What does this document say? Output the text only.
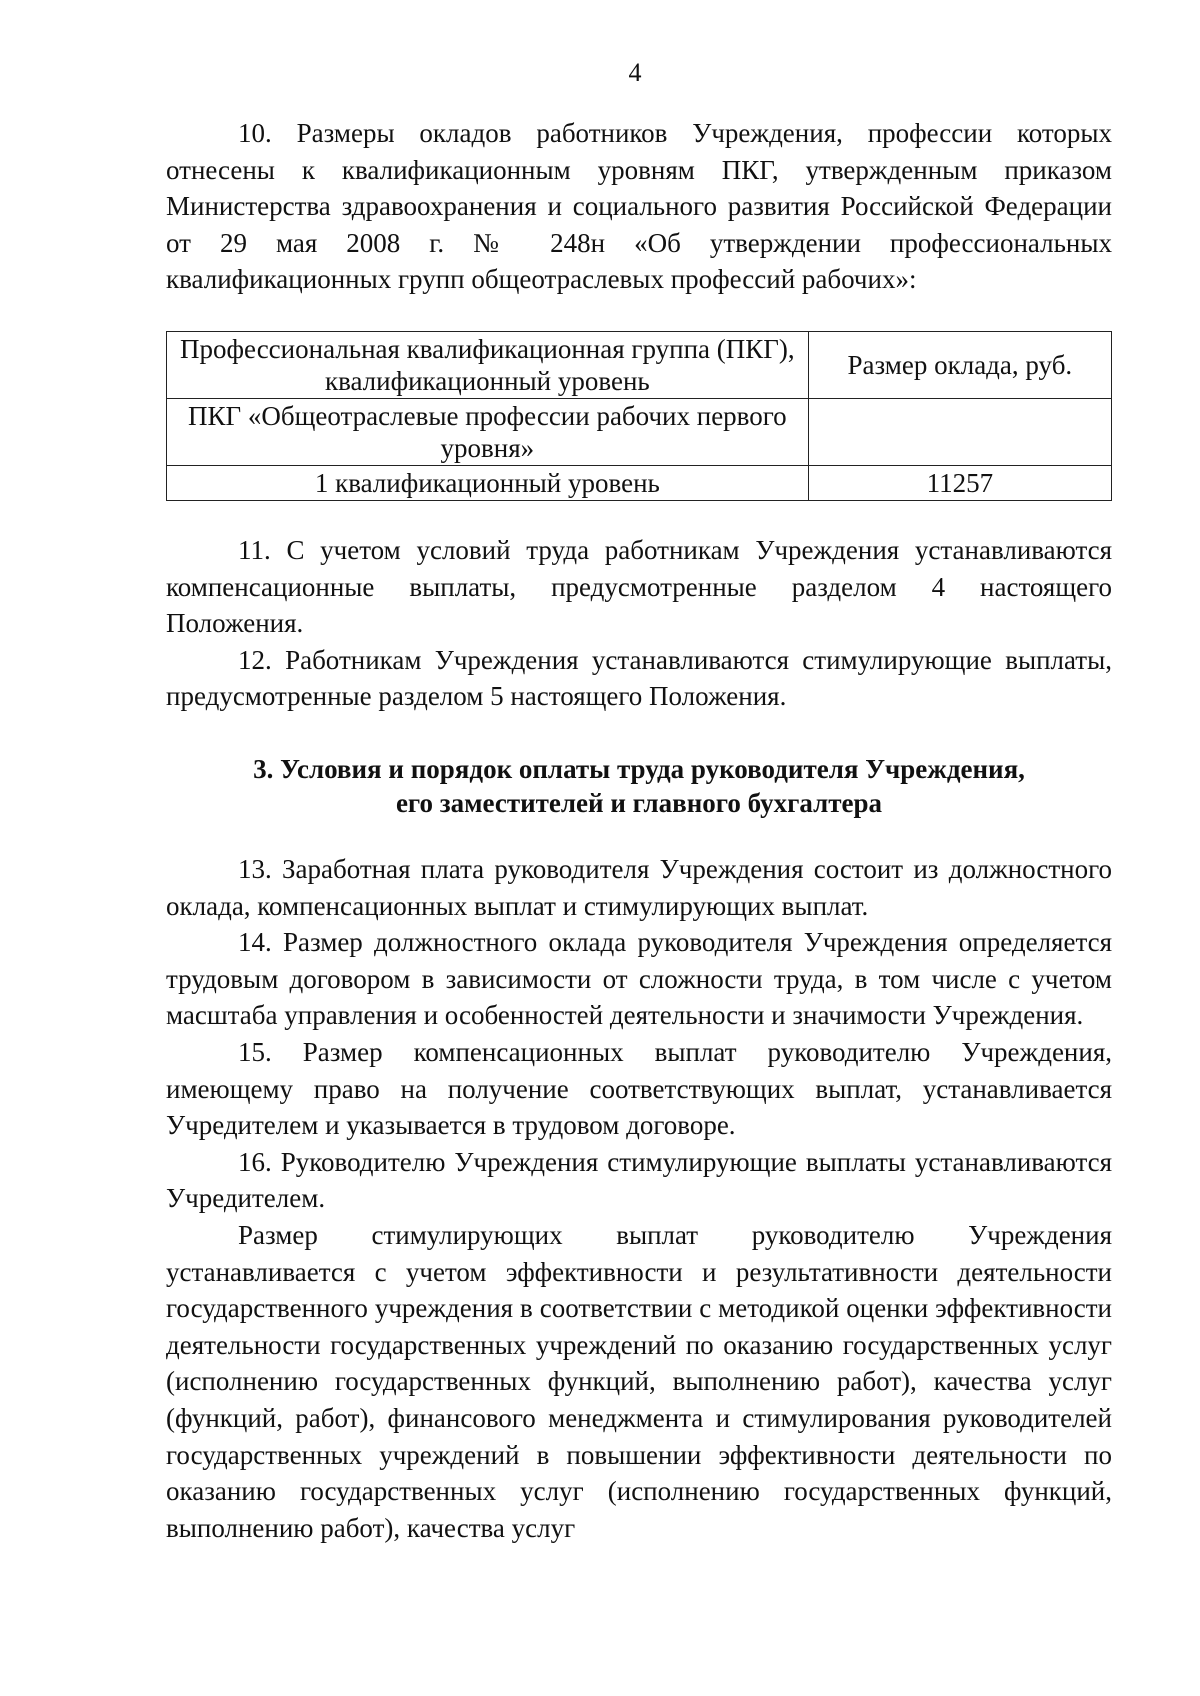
4

10. Размеры окладов работников Учреждения, профессии которых отнесены к квалификационным уровням ПКГ, утвержденным приказом Министерства здравоохранения и социального развития Российской Федерации от 29 мая 2008 г. № 248н «Об утверждении профессиональных квалификационных групп общеотраслевых профессий рабочих»:

Профессиональная квалификационная группа (ПКГ), квалификационный уровень	Размер оклада, руб.
ПКГ «Общеотраслевые профессии рабочих первого уровня»	
1 квалификационный уровень	11257

11. С учетом условий труда работникам Учреждения устанавливаются компенсационные выплаты, предусмотренные разделом 4 настоящего Положения.

12. Работникам Учреждения устанавливаются стимулирующие выплаты, предусмотренные разделом 5 настоящего Положения.

3. Условия и порядок оплаты труда руководителя Учреждения,
его заместителей и главного бухгалтера

13. Заработная плата руководителя Учреждения состоит из должностного оклада, компенсационных выплат и стимулирующих выплат.

14. Размер должностного оклада руководителя Учреждения определяется трудовым договором в зависимости от сложности труда, в том числе с учетом масштаба управления и особенностей деятельности и значимости Учреждения.

15. Размер компенсационных выплат руководителю Учреждения, имеющему право на получение соответствующих выплат, устанавливается Учредителем и указывается в трудовом договоре.

16. Руководителю Учреждения стимулирующие выплаты устанавливаются Учредителем.

Размер стимулирующих выплат руководителю Учреждения устанавливается с учетом эффективности и результативности деятельности государственного учреждения в соответствии с методикой оценки эффективности деятельности государственных учреждений по оказанию государственных услуг (исполнению государственных функций, выполнению работ), качества услуг (функций, работ), финансового менеджмента и стимулирования руководителей государственных учреждений в повышении эффективности деятельности по оказанию государственных услуг (исполнению государственных функций, выполнению работ), качества услуг
